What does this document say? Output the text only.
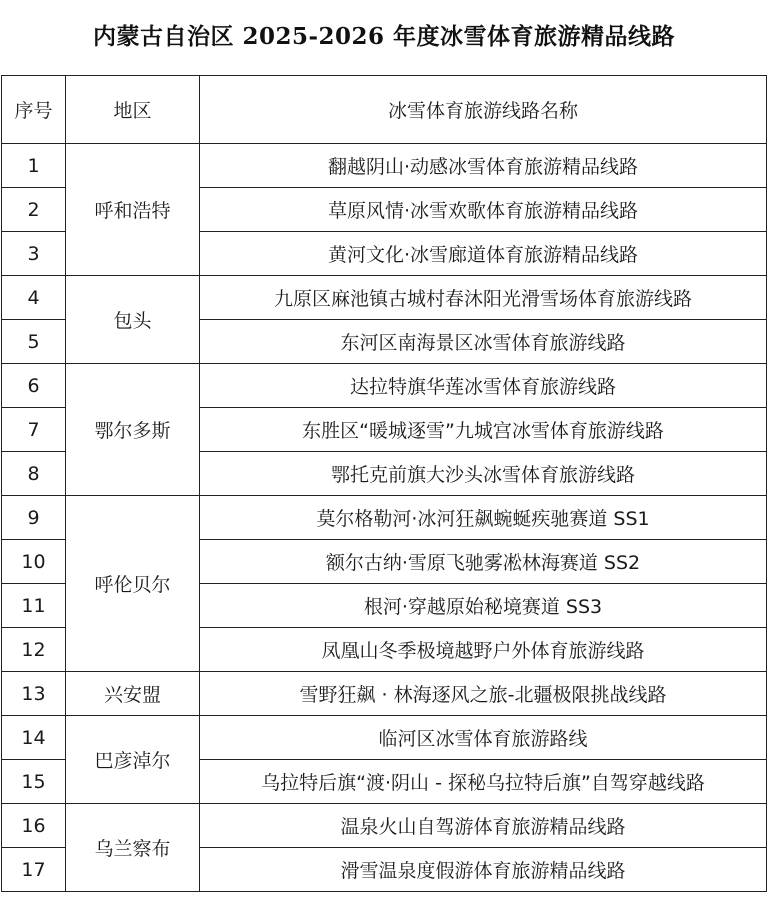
内蒙古自治区 2025-2026 年度冰雪体育旅游精品线路
序号	地区	冰雪体育旅游线路名称
1	呼和浩特	翻越阴山·动感冰雪体育旅游精品线路
2		草原风情·冰雪欢歌体育旅游精品线路
3		黄河文化·冰雪廊道体育旅游精品线路
4	包头	九原区麻池镇古城村春沐阳光滑雪场体育旅游线路
5		东河区南海景区冰雪体育旅游线路
6	鄂尔多斯	达拉特旗华莲冰雪体育旅游线路
7		东胜区“暖城逐雪”九城宫冰雪体育旅游线路
8		鄂托克前旗大沙头冰雪体育旅游线路
9	呼伦贝尔	莫尔格勒河·冰河狂飙蜿蜒疾驰赛道 SS1
10		额尔古纳·雪原飞驰雾凇林海赛道 SS2
11		根河·穿越原始秘境赛道 SS3
12		凤凰山冬季极境越野户外体育旅游线路
13	兴安盟	雪野狂飙 · 林海逐风之旅-北疆极限挑战线路
14	巴彦淖尔	临河区冰雪体育旅游路线
15		乌拉特后旗“渡·阴山 - 探秘乌拉特后旗”自驾穿越线路
16	乌兰察布	温泉火山自驾游体育旅游精品线路
17		滑雪温泉度假游体育旅游精品线路
